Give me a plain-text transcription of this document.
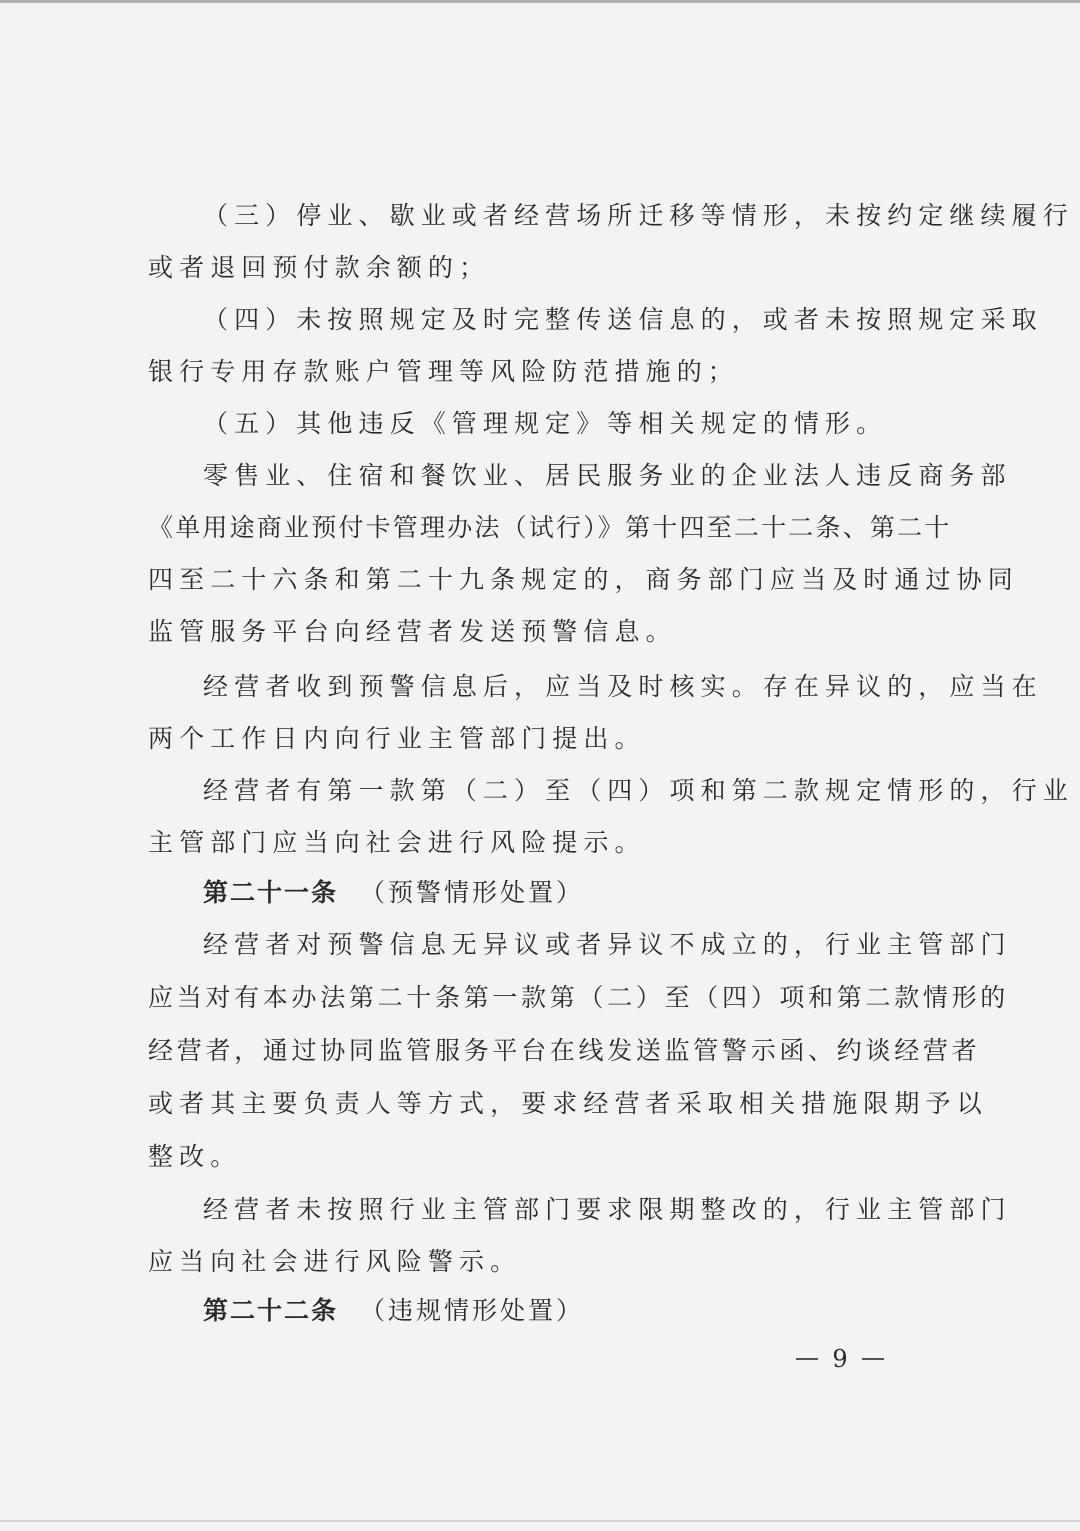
（三）停业、歇业或者经营场所迁移等情形，未按约定继续履行
或者退回预付款余额的；
（四）未按照规定及时完整传送信息的，或者未按照规定采取
银行专用存款账户管理等风险防范措施的；
（五）其他违反《管理规定》等相关规定的情形。
零售业、住宿和餐饮业、居民服务业的企业法人违反商务部
《单用途商业预付卡管理办法（试行）》第十四至二十二条、第二十
四至二十六条和第二十九条规定的，商务部门应当及时通过协同
监管服务平台向经营者发送预警信息。
经营者收到预警信息后，应当及时核实。存在异议的，应当在
两个工作日内向行业主管部门提出。
经营者有第一款第（二）至（四）项和第二款规定情形的，行业
主管部门应当向社会进行风险提示。
第二十一条 （预警情形处置）
经营者对预警信息无异议或者异议不成立的，行业主管部门
应当对有本办法第二十条第一款第（二）至（四）项和第二款情形的
经营者，通过协同监管服务平台在线发送监管警示函、约谈经营者
或者其主要负责人等方式，要求经营者采取相关措施限期予以
整改。
经营者未按照行业主管部门要求限期整改的，行业主管部门
应当向社会进行风险警示。
第二十二条 （违规情形处置）
9
